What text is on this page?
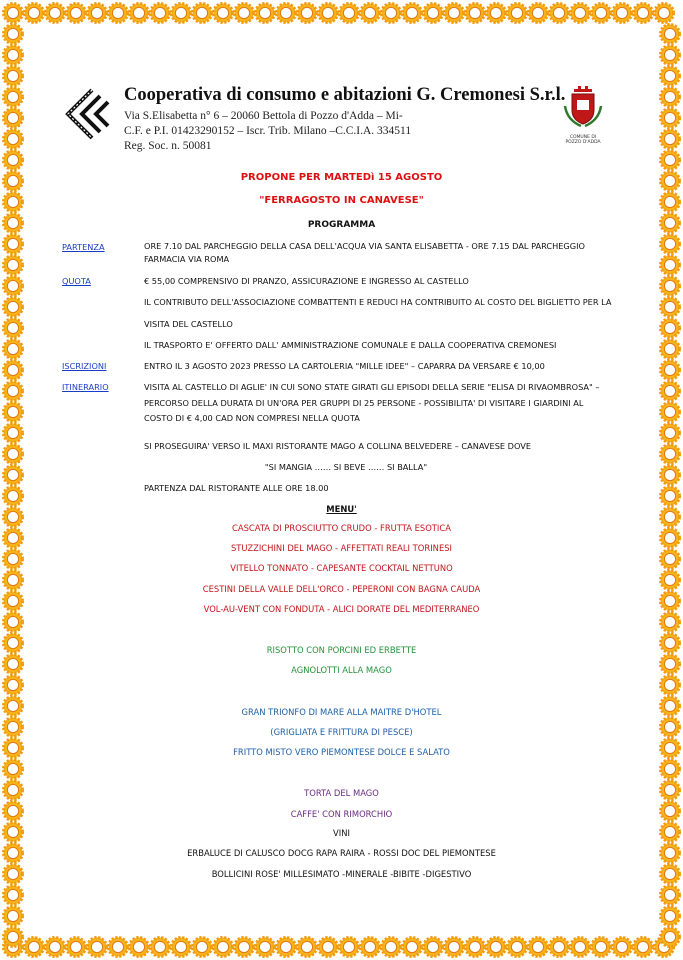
Cooperativa di consumo e abitazioni G. Cremonesi S.r.l.
Via S.Elisabetta n° 6 – 20060 Bettola di Pozzo d'Adda – Mi-
C.F. e P.I. 01423290152 – Iscr. Trib. Milano –C.C.I.A. 334511
Reg. Soc. n. 50081
COMUNE DI
POZZO D'ADDA
PROPONE PER MARTEDì 15 AGOSTO
"FERRAGOSTO IN CANAVESE"
PROGRAMMA
PARTENZA	ORE 7.10 DAL PARCHEGGIO DELLA CASA DELL'ACQUA VIA SANTA ELISABETTA - ORE 7.15 DAL PARCHEGGIO FARMACIA VIA ROMA
QUOTA	€ 55,00 COMPRENSIVO DI PRANZO, ASSICURAZIONE E INGRESSO AL CASTELLO
IL CONTRIBUTO DELL'ASSOCIAZIONE COMBATTENTI E REDUCI HA CONTRIBUITO AL COSTO DEL BIGLIETTO PER LA
VISITA DEL CASTELLO
IL TRASPORTO E' OFFERTO DALL' AMMINISTRAZIONE COMUNALE E DALLA COOPERATIVA CREMONESI
ISCRIZIONI	ENTRO IL 3 AGOSTO 2023 PRESSO LA CARTOLERIA "MILLE IDEE" – CAPARRA DA VERSARE € 10,00
ITINERARIO	VISITA AL CASTELLO DI AGLIE' IN CUI SONO STATE GIRATI GLI EPISODI DELLA SERIE "ELISA DI RIVAOMBROSA" – PERCORSO DELLA DURATA DI UN'ORA PER GRUPPI DI 25 PERSONE - POSSIBILITA' DI VISITARE I GIARDINI AL COSTO DI € 4,00 CAD NON COMPRESI NELLA QUOTA
SI PROSEGUIRA' VERSO IL MAXI RISTORANTE MAGO A COLLINA BELVEDERE – CANAVESE DOVE
"SI MANGIA …… SI BEVE …… SI BALLA"
PARTENZA DAL RISTORANTE ALLE ORE 18.00
MENU'
CASCATA DI PROSCIUTTO CRUDO - FRUTTA ESOTICA
STUZZICHINI DEL MAGO - AFFETTATI REALI TORINESI
VITELLO TONNATO - CAPESANTE COCKTAIL NETTUNO
CESTINI DELLA VALLE DELL'ORCO - PEPERONI CON BAGNA CAUDA
VOL-AU-VENT CON FONDUTA - ALICI DORATE DEL MEDITERRANEO
RISOTTO CON PORCINI ED ERBETTE
AGNOLOTTI ALLA MAGO
GRAN TRIONFO DI MARE ALLA MAITRE D'HOTEL
(GRIGLIATA E FRITTURA DI PESCE)
FRITTO MISTO VERO PIEMONTESE DOLCE E SALATO
TORTA DEL MAGO
CAFFE' CON RIMORCHIO
VINI
ERBALUCE DI CALUSCO DOCG RAPA RAIRA - ROSSI DOC DEL PIEMONTESE
BOLLICINI ROSE' MILLESIMATO -MINERALE -BIBITE -DIGESTIVO
